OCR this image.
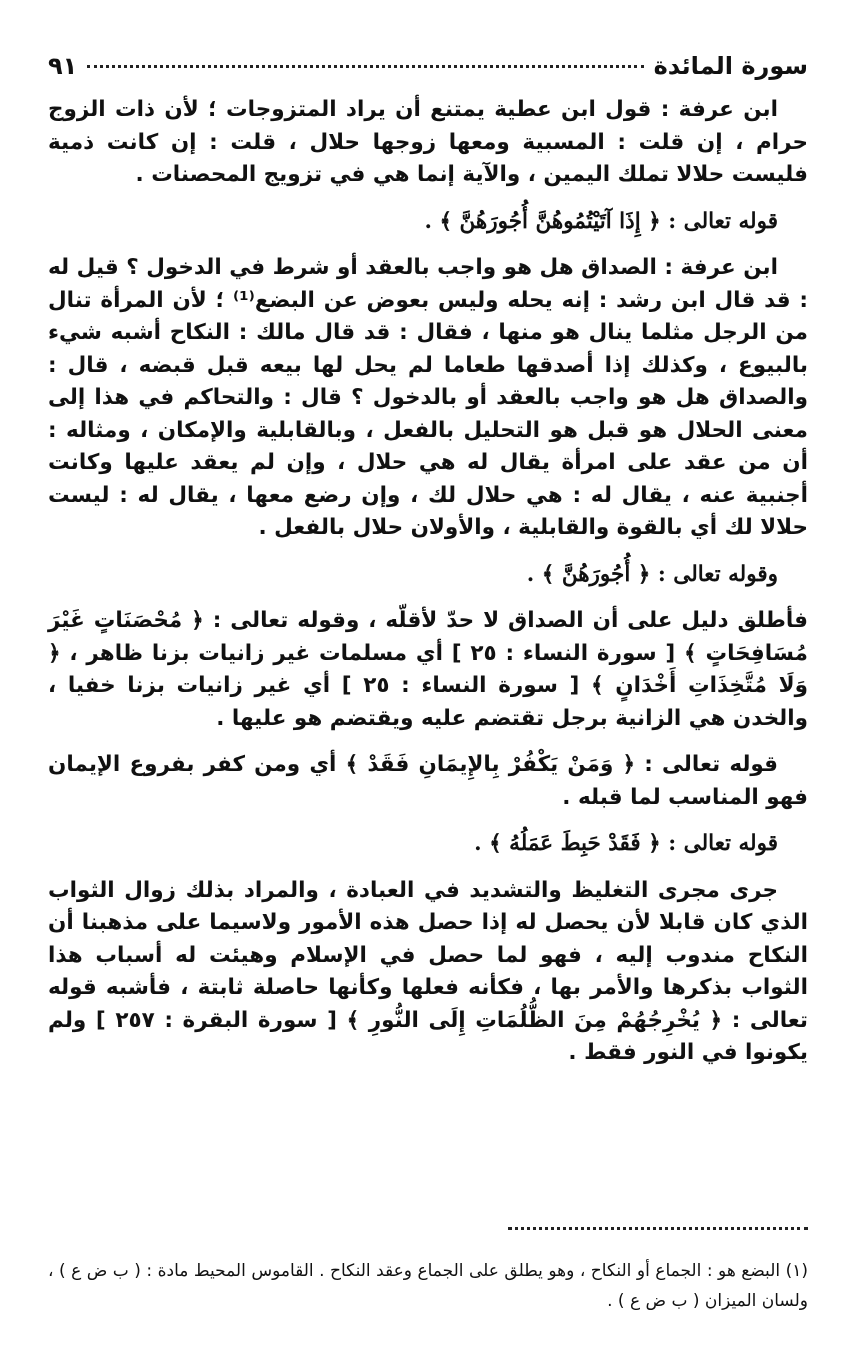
سورة المائدة
٩١

ابن عرفة : قول ابن عطية يمتنع أن يراد المتزوجات ؛ لأن ذات الزوج حرام ، إن قلت : المسبية ومعها زوجها حلال ، قلت : إن كانت ذمية فليست حلالا تملك اليمين ، والآية إنما هي في تزويج المحصنات .

قوله تعالى : ﴿ إِذَا آتَيْتُمُوهُنَّ أُجُورَهُنَّ ﴾ .

ابن عرفة : الصداق هل هو واجب بالعقد أو شرط في الدخول ؟ قيل له : قد قال ابن رشد : إنه يحله وليس بعوض عن البضع⁽¹⁾ ؛ لأن المرأة تنال من الرجل مثلما ينال هو منها ، فقال : قد قال مالك : النكاح أشبه شيء بالبيوع ، وكذلك إذا أصدقها طعاما لم يحل لها بيعه قبل قبضه ، قال : والصداق هل هو واجب بالعقد أو بالدخول ؟ قال : والتحاكم في هذا إلى معنى الحلال هو قبل هو التحليل بالفعل ، وبالقابلية والإمكان ، ومثاله : أن من عقد على امرأة يقال له هي حلال ، وإن لم يعقد عليها وكانت أجنبية عنه ، يقال له : هي حلال لك ، وإن رضع معها ، يقال له : ليست حلالا لك أي بالقوة والقابلية ، والأولان حلال بالفعل .

وقوله تعالى : ﴿ أُجُورَهُنَّ ﴾ .

فأطلق دليل على أن الصداق لا حدّ لأقلّه ، وقوله تعالى : ﴿ مُحْصَنَاتٍ غَيْرَ مُسَافِحَاتٍ ﴾ [ سورة النساء : ٢٥ ] أي مسلمات غير زانيات بزنا ظاهر ، ﴿ وَلَا مُتَّخِذَاتِ أَخْدَانٍ ﴾ [ سورة النساء : ٢٥ ] أي غير زانيات بزنا خفيا ، والخدن هي الزانية برجل تقتضم عليه ويقتضم هو عليها .

قوله تعالى : ﴿ وَمَنْ يَكْفُرْ بِالإِيمَانِ فَقَدْ ﴾ أي ومن كفر بفروع الإيمان فهو المناسب لما قبله .

قوله تعالى : ﴿ فَقَدْ حَبِطَ عَمَلُهُ ﴾ .

جرى مجرى التغليظ والتشديد في العبادة ، والمراد بذلك زوال الثواب الذي كان قابلا لأن يحصل له إذا حصل هذه الأمور ولاسيما على مذهبنا أن النكاح مندوب إليه ، فهو لما حصل في الإسلام وهيئت له أسباب هذا الثواب بذكرها والأمر بها ، فكأنه فعلها وكأنها حاصلة ثابتة ، فأشبه قوله تعالى : ﴿ يُخْرِجُهُمْ مِنَ الظُّلُمَاتِ إِلَى النُّورِ ﴾ [ سورة البقرة : ٢٥٧ ] ولم يكونوا في النور فقط .

(١) البضع هو : الجماع أو النكاح ، وهو يطلق على الجماع وعقد النكاح . القاموس المحيط مادة : ( ب ض ع ) ، ولسان الميزان ( ب ض ع ) .
